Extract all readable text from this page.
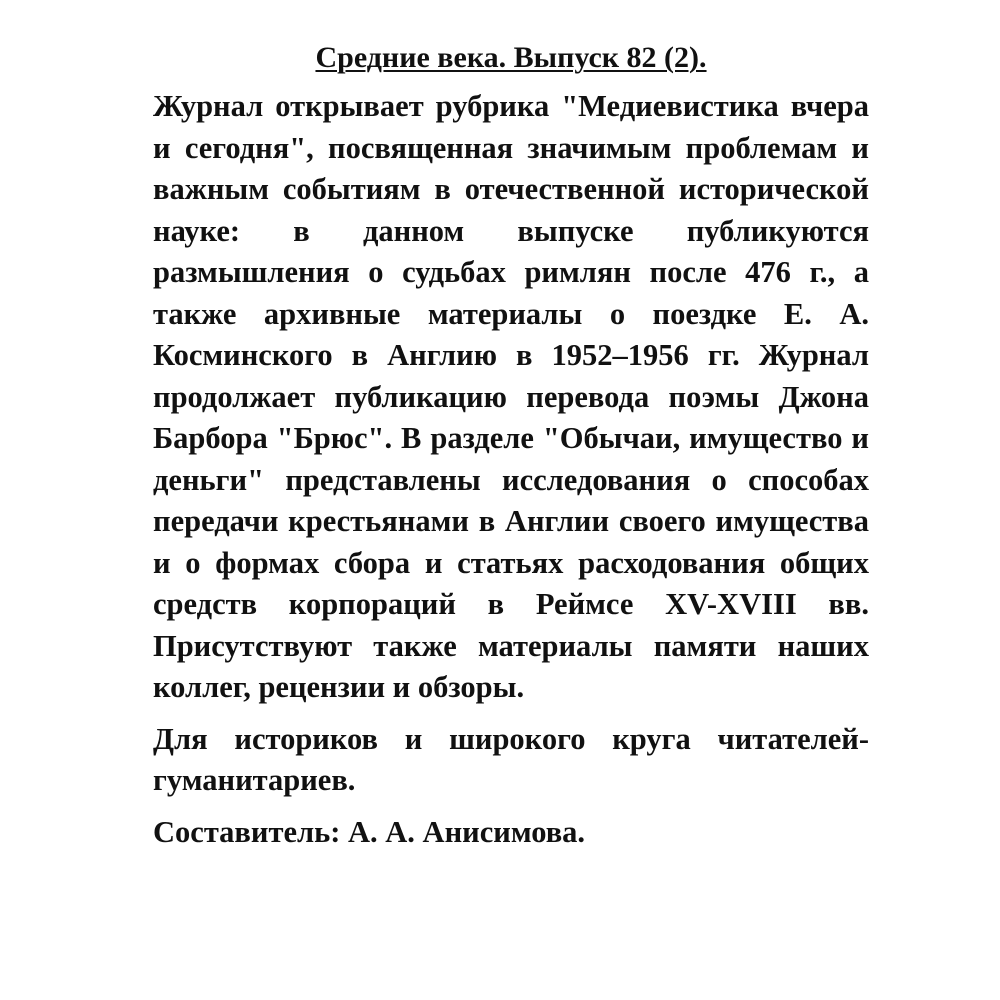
Средние века. Выпуск 82 (2).

Журнал открывает рубрика "Медиевистика вчера и сегодня", посвященная значимым проблемам и важным событиям в отечественной исторической науке: в данном выпуске публикуются размышления о судьбах римлян после 476 г., а также архивные материалы о поездке Е. А. Косминского в Англию в 1952–1956 гг. Журнал продолжает публикацию перевода поэмы Джона Барбора "Брюс". В разделе "Обычаи, имущество и деньги" представлены исследования о способах передачи крестьянами в Англии своего имущества и о формах сбора и статьях расходования общих средств корпораций в Реймсе XV-XVIII вв. Присутствуют также материалы памяти наших коллег, рецензии и обзоры.

Для историков и широкого круга читателей-гуманитариев.

Составитель: А. А. Анисимова.
